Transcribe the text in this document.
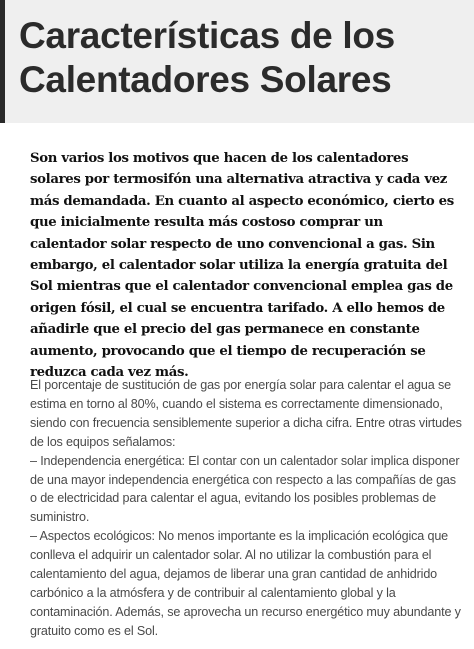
Características de los
Calentadores Solares

Son varios los motivos que hacen de los calentadores solares por termosifón una alternativa atractiva y cada vez más demandada. En cuanto al aspecto económico, cierto es que inicialmente resulta más costoso comprar un calentador solar respecto de uno convencional a gas. Sin embargo, el calentador solar utiliza la energía gratuita del Sol mientras que el calentador convencional emplea gas de origen fósil, el cual se encuentra tarifado. A ello hemos de añadirle que el precio del gas permanece en constante aumento, provocando que el tiempo de recuperación se reduzca cada vez más.

El porcentaje de sustitución de gas por energía solar para calentar el agua se estima en torno al 80%, cuando el sistema es correctamente dimensionado, siendo con frecuencia sensiblemente superior a dicha cifra. Entre otras virtudes de los equipos señalamos:
– Independencia energética: El contar con un calentador solar implica disponer de una mayor independencia energética con respecto a las compañías de gas o de electricidad para calentar el agua, evitando los posibles problemas de suministro.
– Aspectos ecológicos: No menos importante es la implicación ecológica que conlleva el adquirir un calentador solar. Al no utilizar la combustión para el calentamiento del agua, dejamos de liberar una gran cantidad de anhidrido carbónico a la atmósfera y de contribuir al calentamiento global y la contaminación. Además, se aprovecha un recurso energético muy abundante y gratuito como es el Sol.
